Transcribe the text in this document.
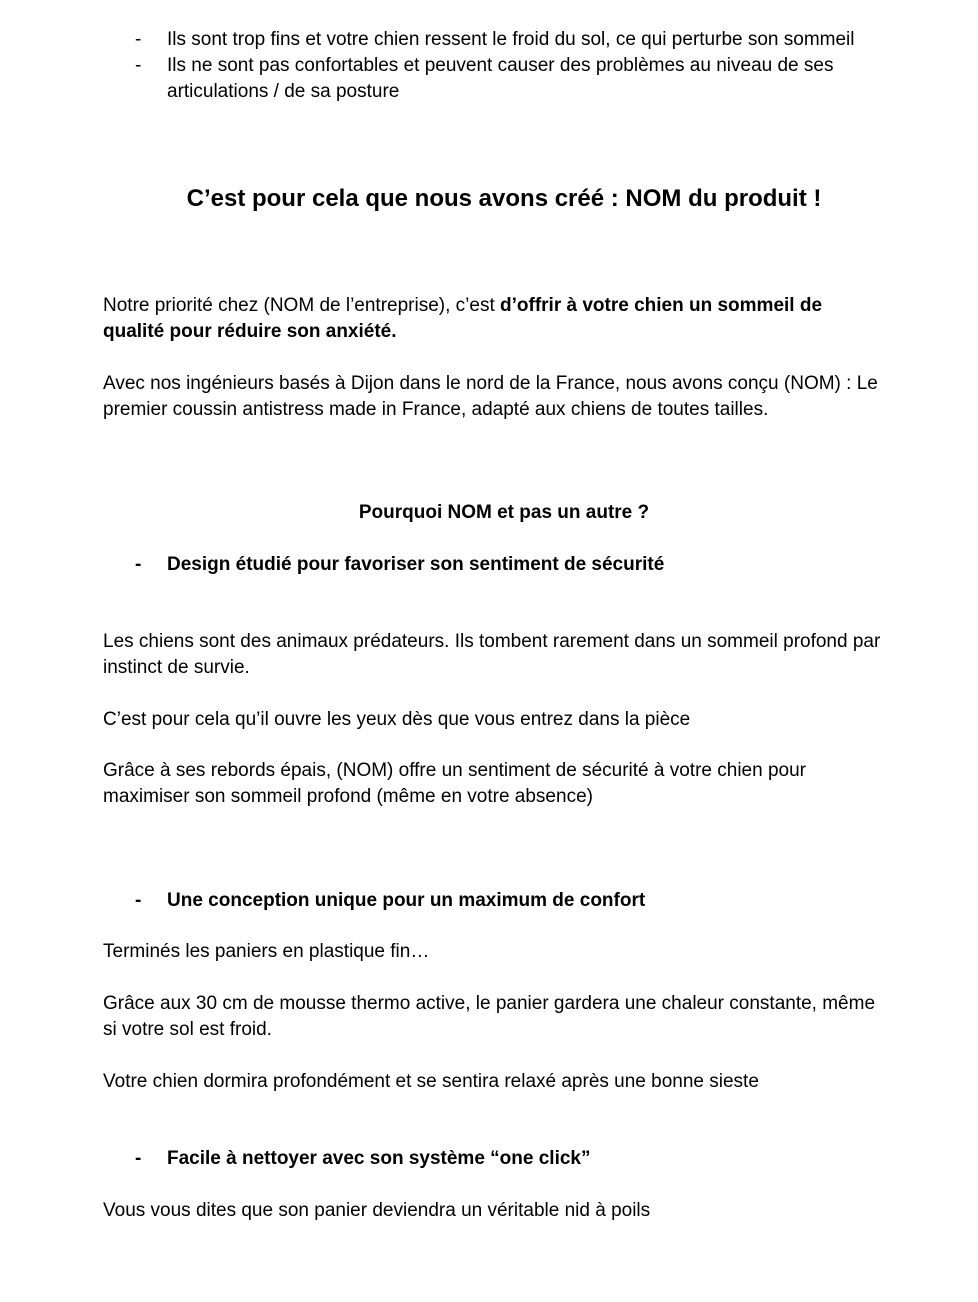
- Ils sont trop fins et votre chien ressent le froid du sol, ce qui perturbe son sommeil
- Ils ne sont pas confortables et peuvent causer des problèmes au niveau de ses
articulations / de sa posture
C’est pour cela que nous avons créé : NOM du produit !
Notre priorité chez (NOM de l’entreprise), c’est d’offrir à votre chien un sommeil de
qualité pour réduire son anxiété.
Avec nos ingénieurs basés à Dijon dans le nord de la France, nous avons conçu (NOM) : Le
premier coussin antistress made in France, adapté aux chiens de toutes tailles.
Pourquoi NOM et pas un autre ?
- Design étudié pour favoriser son sentiment de sécurité
Les chiens sont des animaux prédateurs. Ils tombent rarement dans un sommeil profond par
instinct de survie.
C’est pour cela qu’il ouvre les yeux dès que vous entrez dans la pièce
Grâce à ses rebords épais, (NOM) offre un sentiment de sécurité à votre chien pour
maximiser son sommeil profond (même en votre absence)
- Une conception unique pour un maximum de confort
Terminés les paniers en plastique fin…
Grâce aux 30 cm de mousse thermo active, le panier gardera une chaleur constante, même
si votre sol est froid.
Votre chien dormira profondément et se sentira relaxé après une bonne sieste
- Facile à nettoyer avec son système “one click”
Vous vous dites que son panier deviendra un véritable nid à poils
